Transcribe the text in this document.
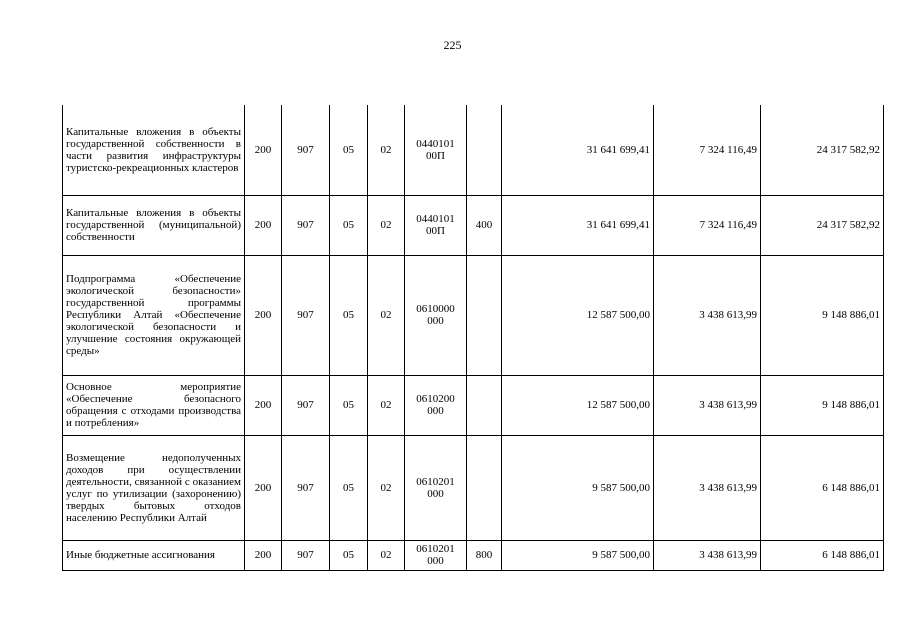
225
Капитальные вложения в объекты государственной собственности в части развития инфраструктуры туристско-рекреационных кластеров	200	907	05	02	0440101 00П		31 641 699,41	7 324 116,49	24 317 582,92
Капитальные вложения в объекты государственной (муниципальной) собственности	200	907	05	02	0440101 00П	400	31 641 699,41	7 324 116,49	24 317 582,92
Подпрограмма «Обеспечение экологической безопасности» государственной программы Республики Алтай «Обеспечение экологической безопасности и улучшение состояния окружающей среды»	200	907	05	02	0610000 000		12 587 500,00	3 438 613,99	9 148 886,01
Основное мероприятие «Обеспечение безопасного обращения с отходами производства и потребления»	200	907	05	02	0610200 000		12 587 500,00	3 438 613,99	9 148 886,01
Возмещение недополученных доходов при осуществлении деятельности, связанной с оказанием услуг по утилизации (захоронению) твердых бытовых отходов населению Республики Алтай	200	907	05	02	0610201 000		9 587 500,00	3 438 613,99	6 148 886,01
Иные бюджетные ассигнования	200	907	05	02	0610201 000	800	9 587 500,00	3 438 613,99	6 148 886,01
